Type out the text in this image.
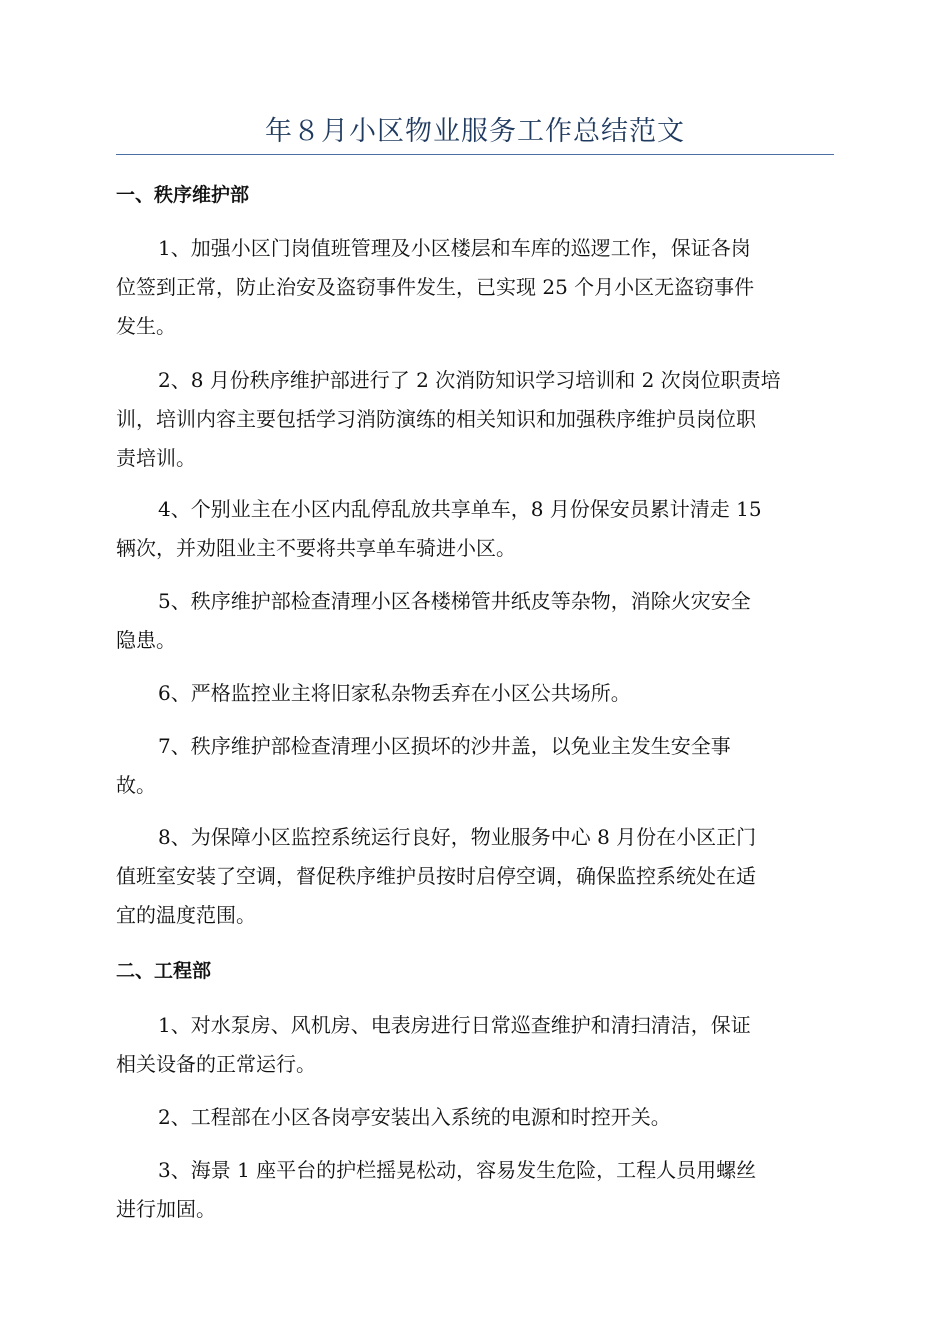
年８月小区物业服务工作总结范文
一、秩序维护部
1、加强小区门岗值班管理及小区楼层和车库的巡逻工作，保证各岗
位签到正常，防止治安及盗窃事件发生，已实现 25 个月小区无盗窃事件
发生。
2、8 月份秩序维护部进行了 2 次消防知识学习培训和 2 次岗位职责培
训，培训内容主要包括学习消防演练的相关知识和加强秩序维护员岗位职
责培训。
4、个别业主在小区内乱停乱放共享单车，8 月份保安员累计清走 15
辆次，并劝阻业主不要将共享单车骑进小区。
5、秩序维护部检查清理小区各楼梯管井纸皮等杂物，消除火灾安全
隐患。
6、严格监控业主将旧家私杂物丢弃在小区公共场所。
7、秩序维护部检查清理小区损坏的沙井盖，以免业主发生安全事
故。
8、为保障小区监控系统运行良好，物业服务中心 8 月份在小区正门
值班室安装了空调，督促秩序维护员按时启停空调，确保监控系统处在适
宜的温度范围。
二、工程部
1、对水泵房、风机房、电表房进行日常巡查维护和清扫清洁，保证
相关设备的正常运行。
2、工程部在小区各岗亭安装出入系统的电源和时控开关。
3、海景 1 座平台的护栏摇晃松动，容易发生危险，工程人员用螺丝
进行加固。
